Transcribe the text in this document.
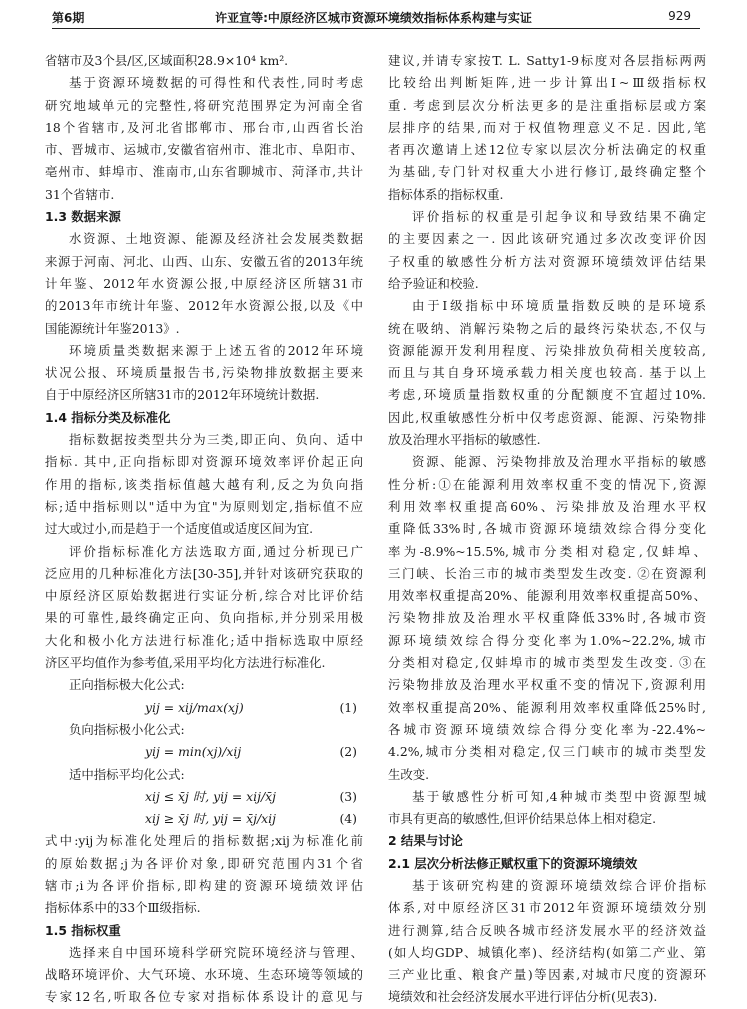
第6期	许亚宣等:中原经济区城市资源环境绩效指标体系构建与实证	929
省辖市及3个县/区,区域面积28.9×10⁴ km².
基于资源环境数据的可得性和代表性,同时考虑
研究地域单元的完整性,将研究范围界定为河南全省
18个省辖市,及河北省邯郸市、邢台市,山西省长治
市、晋城市、运城市,安徽省宿州市、淮北市、阜阳市、
亳州市、蚌埠市、淮南市,山东省聊城市、菏泽市,共计
31个省辖市.
1.3 数据来源
水资源、土地资源、能源及经济社会发展类数据
来源于河南、河北、山西、山东、安徽五省的2013年统
计年鉴、2012年水资源公报,中原经济区所辖31市
的2013年市统计年鉴、2012年水资源公报,以及《中
国能源统计年鉴2013》.
环境质量类数据来源于上述五省的2012年环境
状况公报、环境质量报告书,污染物排放数据主要来
自于中原经济区所辖31市的2012年环境统计数据.
1.4 指标分类及标准化
指标数据按类型共分为三类,即正向、负向、适中
指标. 其中,正向指标即对资源环境效率评价起正向
作用的指标,该类指标值越大越有利,反之为负向指
标;适中指标则以"适中为宜"为原则划定,指标值不应
过大或过小,而是趋于一个适度值或适度区间为宜.
评价指标标准化方法选取方面,通过分析现已广
泛应用的几种标准化方法[30-35],并针对该研究获取的
中原经济区原始数据进行实证分析,综合对比评价结
果的可靠性,最终确定正向、负向指标,并分别采用极
大化和极小化方法进行标准化;适中指标选取中原经
济区平均值作为参考值,采用平均化方法进行标准化.
正向指标极大化公式:
yij = xij/max(xj)	(1)
负向指标极小化公式:
yij = min(xj)/xij	(2)
适中指标平均化公式:
xij ≤ x̄j 时, yij = xij/x̄j	(3)
xij ≥ x̄j 时, yij = x̄j/xij	(4)
式中:yij为标准化处理后的指标数据;xij为标准化前
的原始数据;j为各评价对象,即研究范围内31个省
辖市;i为各评价指标,即构建的资源环境绩效评估
指标体系中的33个Ⅲ级指标.
1.5 指标权重
选择来自中国环境科学研究院环境经济与管理、
战略环境评价、大气环境、水环境、生态环境等领域的
专家12名,听取各位专家对指标体系设计的意见与
建议,并请专家按T. L. Satty1-9标度对各层指标两两
比较给出判断矩阵,进一步计算出Ⅰ~Ⅲ级指标权
重. 考虑到层次分析法更多的是注重指标层或方案
层排序的结果,而对于权值物理意义不足. 因此,笔
者再次邀请上述12位专家以层次分析法确定的权重
为基础,专门针对权重大小进行修订,最终确定整个
指标体系的指标权重.
评价指标的权重是引起争议和导致结果不确定
的主要因素之一. 因此该研究通过多次改变评价因
子权重的敏感性分析方法对资源环境绩效评估结果
给予验证和校验.
由于Ⅰ级指标中环境质量指数反映的是环境系
统在吸纳、消解污染物之后的最终污染状态,不仅与
资源能源开发利用程度、污染排放负荷相关度较高,
而且与其自身环境承载力相关度也较高. 基于以上
考虑,环境质量指数权重的分配额度不宜超过10%.
因此,权重敏感性分析中仅考虑资源、能源、污染物排
放及治理水平指标的敏感性.
资源、能源、污染物排放及治理水平指标的敏感
性分析:①在能源利用效率权重不变的情况下,资源
利用效率权重提高60%、污染排放及治理水平权
重降低33%时,各城市资源环境绩效综合得分变化
率为-8.9%~15.5%,城市分类相对稳定,仅蚌埠、
三门峡、长治三市的城市类型发生改变. ②在资源利
用效率权重提高20%、能源利用效率权重提高50%、
污染物排放及治理水平权重降低33%时,各城市资
源环境绩效综合得分变化率为1.0%~22.2%,城市
分类相对稳定,仅蚌埠市的城市类型发生改变. ③在
污染物排放及治理水平权重不变的情况下,资源利用
效率权重提高20%、能源利用效率权重降低25%时,
各城市资源环境绩效综合得分变化率为-22.4%~
4.2%,城市分类相对稳定,仅三门峡市的城市类型发
生改变.
基于敏感性分析可知,4种城市类型中资源型城
市具有更高的敏感性,但评价结果总体上相对稳定.
2 结果与讨论
2.1 层次分析法修正赋权重下的资源环境绩效
基于该研究构建的资源环境绩效综合评价指标
体系,对中原经济区31市2012年资源环境绩效分别
进行测算,结合反映各城市经济发展水平的经济效益
(如人均GDP、城镇化率)、经济结构(如第二产业、第
三产业比重、粮食产量)等因素,对城市尺度的资源环
境绩效和社会经济发展水平进行评估分析(见表3).
